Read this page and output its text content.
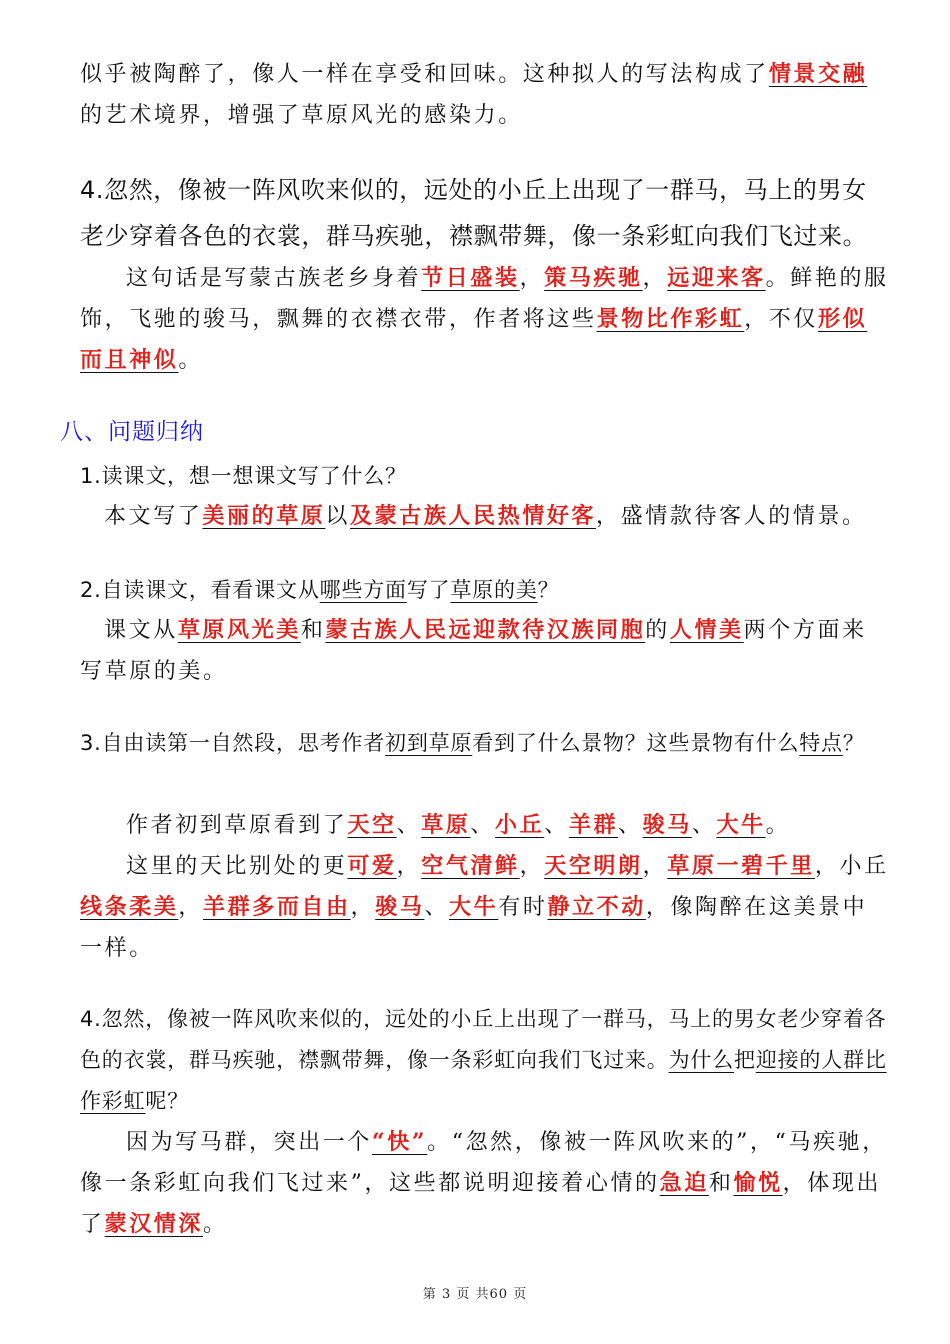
似乎被陶醉了，像人一样在享受和回味。这种拟人的写法构成了情景交融的艺术境界，增强了草原风光的感染力。

4.忽然，像被一阵风吹来似的，远处的小丘上出现了一群马，马上的男女老少穿着各色的衣裳，群马疾驰，襟飘带舞，像一条彩虹向我们飞过来。

这句话是写蒙古族老乡身着节日盛装，策马疾驰，远迎来客。鲜艳的服饰，飞驰的骏马，飘舞的衣襟衣带，作者将这些景物比作彩虹，不仅形似而且神似。

八、问题归纳

1.读课文，想一想课文写了什么？

本文写了美丽的草原以及蒙古族人民热情好客，盛情款待客人的情景。

2.自读课文，看看课文从哪些方面写了草原的美？

课文从草原风光美和蒙古族人民远迎款待汉族同胞的人情美两个方面来写草原的美。

3.自由读第一自然段，思考作者初到草原看到了什么景物？这些景物有什么特点？

作者初到草原看到了天空、草原、小丘、羊群、骏马、大牛。

这里的天比别处的更可爱，空气清鲜，天空明朗，草原一碧千里，小丘线条柔美，羊群多而自由，骏马、大牛有时静立不动，像陶醉在这美景中一样。

4.忽然，像被一阵风吹来似的，远处的小丘上出现了一群马，马上的男女老少穿着各色的衣裳，群马疾驰，襟飘带舞，像一条彩虹向我们飞过来。为什么把迎接的人群比作彩虹呢？

因为写马群，突出一个“快”。“忽然，像被一阵风吹来的”，“马疾驰，像一条彩虹向我们飞过来”，这些都说明迎接着心情的急迫和愉悦，体现出了蒙汉情深。

第 3 页 共60 页
